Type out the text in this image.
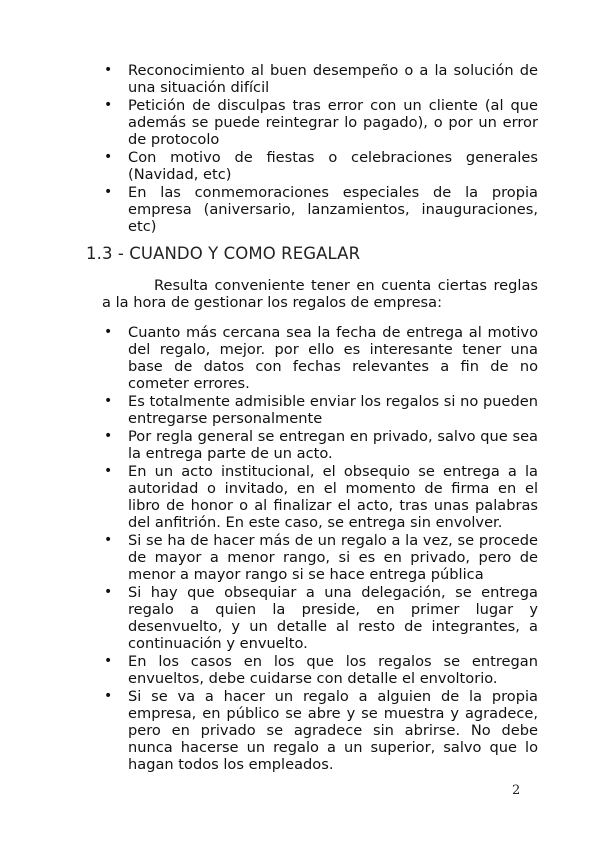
• Reconocimiento al buen desempeño o a la solución de una situación difícil
• Petición de disculpas tras error con un cliente (al que además se puede reintegrar lo pagado), o por un error de protocolo
• Con motivo de fiestas o celebraciones generales (Navidad, etc)
• En las conmemoraciones especiales de la propia empresa (aniversario, lanzamientos, inauguraciones, etc)
1.3 - CUANDO Y COMO REGALAR
Resulta conveniente tener en cuenta ciertas reglas a la hora de gestionar los regalos de empresa:
• Cuanto más cercana sea la fecha de entrega al motivo del regalo, mejor. por ello es interesante tener una base de datos con fechas relevantes a fin de no cometer errores.
• Es totalmente admisible enviar los regalos si no pueden entregarse personalmente
• Por regla general se entregan en privado, salvo que sea la entrega parte de un acto.
• En un acto institucional, el obsequio se entrega a la autoridad o invitado, en el momento de firma en el libro de honor o al finalizar el acto, tras unas palabras del anfitrión. En este caso, se entrega sin envolver.
• Si se ha de hacer más de un regalo a la vez, se procede de mayor a menor rango, si es en privado, pero de menor a mayor rango si se hace entrega pública
• Si hay que obsequiar a una delegación, se entrega regalo a quien la preside, en primer lugar y desenvuelto, y un detalle al resto de integrantes, a continuación y envuelto.
• En los casos en los que los regalos se entregan envueltos, debe cuidarse con detalle el envoltorio.
• Si se va a hacer un regalo a alguien de la propia empresa, en público se abre y se muestra y agradece, pero en privado se agradece sin abrirse. No debe nunca hacerse un regalo a un superior, salvo que lo hagan todos los empleados.
2
